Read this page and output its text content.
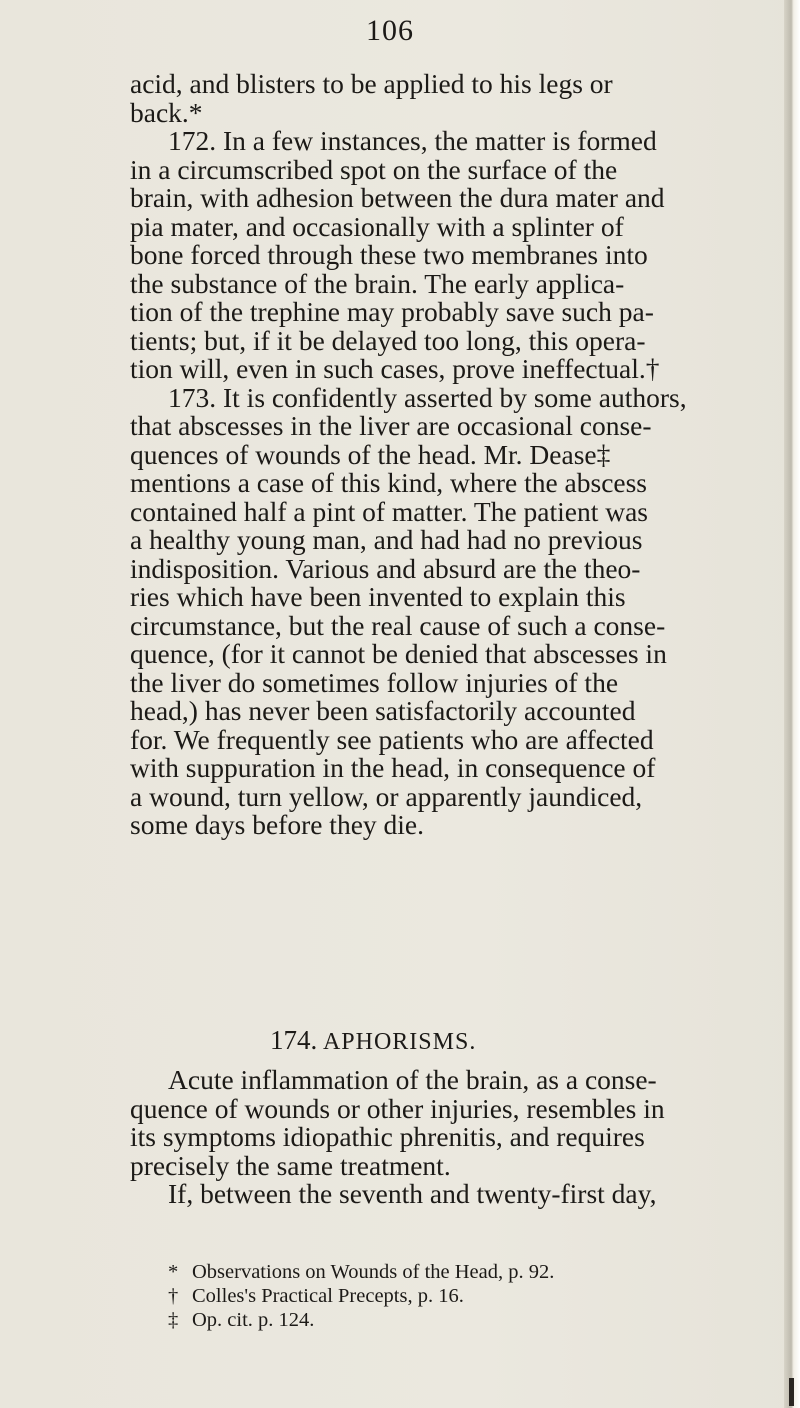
106
acid, and blisters to be applied to his legs or
back.*
172. In a few instances, the matter is formed
in a circumscribed spot on the surface of the
brain, with adhesion between the dura mater and
pia mater, and occasionally with a splinter of
bone forced through these two membranes into
the substance of the brain. The early applica-
tion of the trephine may probably save such pa-
tients; but, if it be delayed too long, this opera-
tion will, even in such cases, prove ineffectual.†
173. It is confidently asserted by some authors,
that abscesses in the liver are occasional conse-
quences of wounds of the head. Mr. Dease‡
mentions a case of this kind, where the abscess
contained half a pint of matter. The patient was
a healthy young man, and had had no previous
indisposition. Various and absurd are the theo-
ries which have been invented to explain this
circumstance, but the real cause of such a conse-
quence, (for it cannot be denied that abscesses in
the liver do sometimes follow injuries of the
head,) has never been satisfactorily accounted
for. We frequently see patients who are affected
with suppuration in the head, in consequence of
a wound, turn yellow, or apparently jaundiced,
some days before they die.
174. APHORISMS.
Acute inflammation of the brain, as a conse-
quence of wounds or other injuries, resembles in
its symptoms idiopathic phrenitis, and requires
precisely the same treatment.
If, between the seventh and twenty-first day,
* Observations on Wounds of the Head, p. 92.
† Colles's Practical Precepts, p. 16.
‡ Op. cit. p. 124.
